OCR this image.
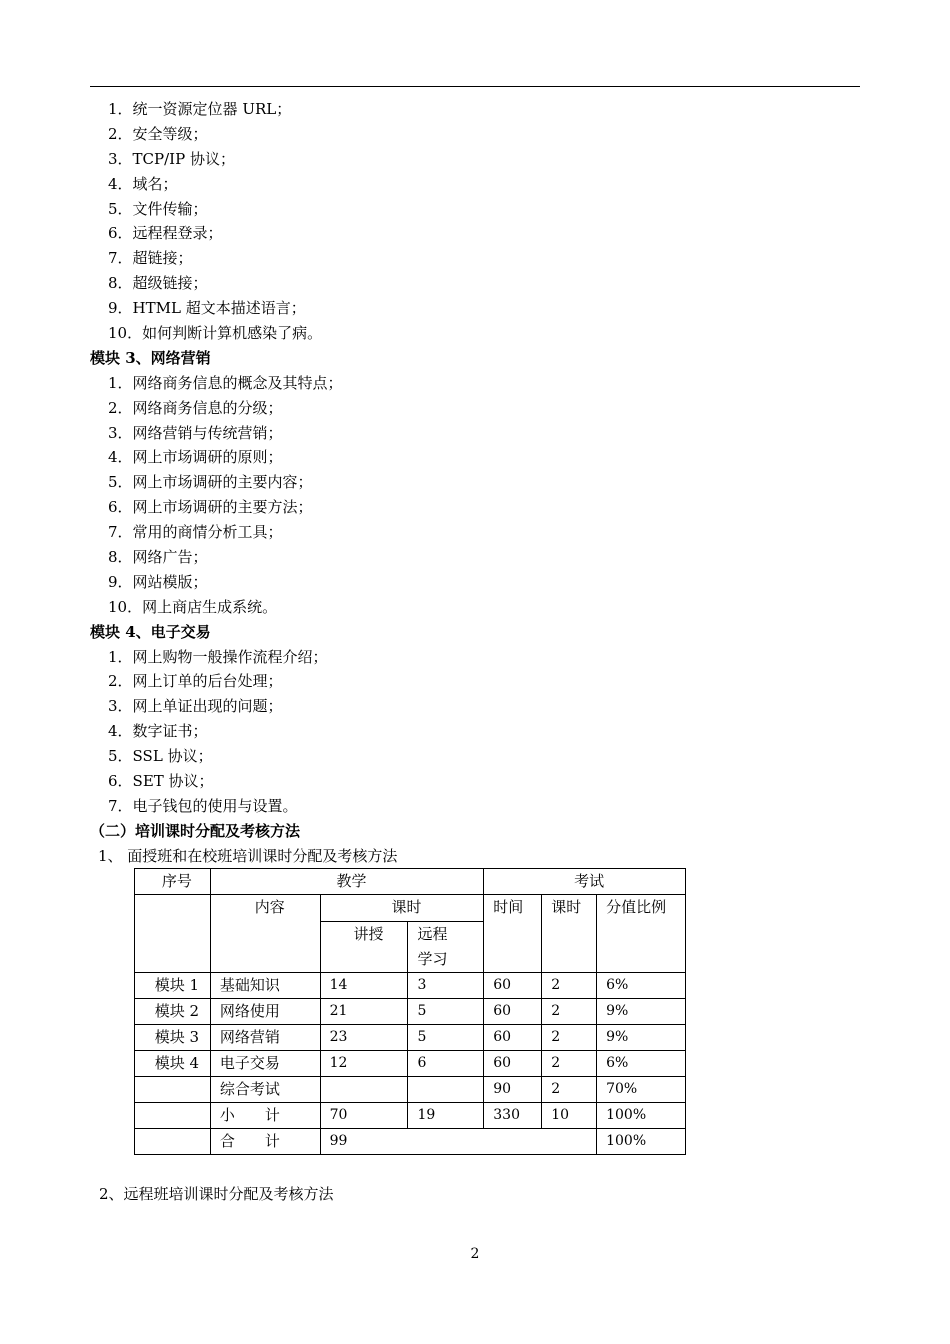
1．统一资源定位器 URL；
2．安全等级；
3．TCP/IP 协议；
4．域名；
5．文件传输；
6．远程程登录；
7．超链接；
8．超级链接；
9．HTML 超文本描述语言；
10．如何判断计算机感染了病。
模块 3、网络营销
1．网络商务信息的概念及其特点；
2．网络商务信息的分级；
3．网络营销与传统营销；
4．网上市场调研的原则；
5．网上市场调研的主要内容；
6．网上市场调研的主要方法；
7．常用的商情分析工具；
8．网络广告；
9．网站模版；
10．网上商店生成系统。
模块 4、电子交易
1．网上购物一般操作流程介绍；
2．网上订单的后台处理；
3．网上单证出现的问题；
4．数字证书；
5．SSL 协议；
6．SET 协议；
7．电子钱包的使用与设置。
（二）培训课时分配及考核方法
1、 面授班和在校班培训课时分配及考核方法
序号	教学			考试		
	内容	课时		时间	课时	分值比例
		讲授	远程
学习			

模块 1	基础知识	14	3	60	2	6%
模块 2	网络使用	21	5	60	2	9%
模块 3	网络营销	23	5	60	2	9%
模块 4	电子交易	12	6	60	2	6%
	综合考试			90	2	70%
	小　　计	70	19	330	10	100%
	合　　计	99				100%
2、远程班培训课时分配及考核方法
2
